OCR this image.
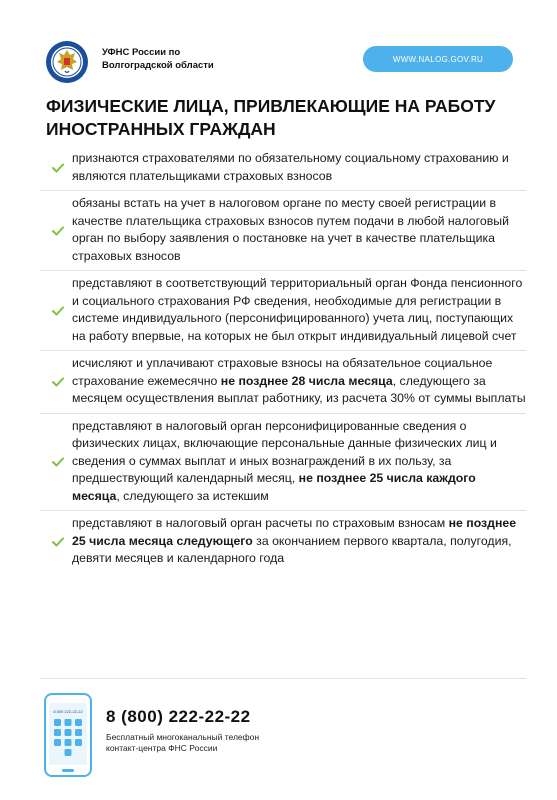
УФНС России по
Волгоградской области
WWW.NALOG.GOV.RU
ФИЗИЧЕСКИЕ ЛИЦА, ПРИВЛЕКАЮЩИЕ НА РАБОТУ
ИНОСТРАННЫХ ГРАЖДАН
признаются страхователями по обязательному социальному страхованию и являются плательщиками страховых взносов
обязаны встать на учет в налоговом органе по месту своей регистрации в качестве плательщика страховых взносов путем подачи в любой налоговый орган по выбору заявления о постановке на учет в качестве плательщика страховых взносов
представляют в соответствующий территориальный орган Фонда пенсионного и социального страхования РФ сведения, необходимые для регистрации в системе индивидуального (персонифицированного) учета лиц, поступающих на работу впервые, на которых не был открыт индивидуальный лицевой счет
исчисляют и уплачивают страховые взносы на обязательное социальное страхование ежемесячно не позднее 28 числа месяца, следующего за месяцем осуществления выплат работнику, из расчета 30% от суммы выплаты
представляют в налоговый орган персонифицированные сведения о физических лицах, включающие персональные данные физических лиц и сведения о суммах выплат и иных вознаграждений в их пользу, за предшествующий календарный месяц, не позднее 25 числа каждого месяца, следующего за истекшим
представляют в налоговый орган расчеты по страховым взносам не позднее 25 числа месяца следующего за окончанием первого квартала, полугодия, девяти месяцев и календарного года
8 800 222-22-22 8 (800) 222-22-22
Бесплатный многоканальный телефон
контакт-центра ФНС России
